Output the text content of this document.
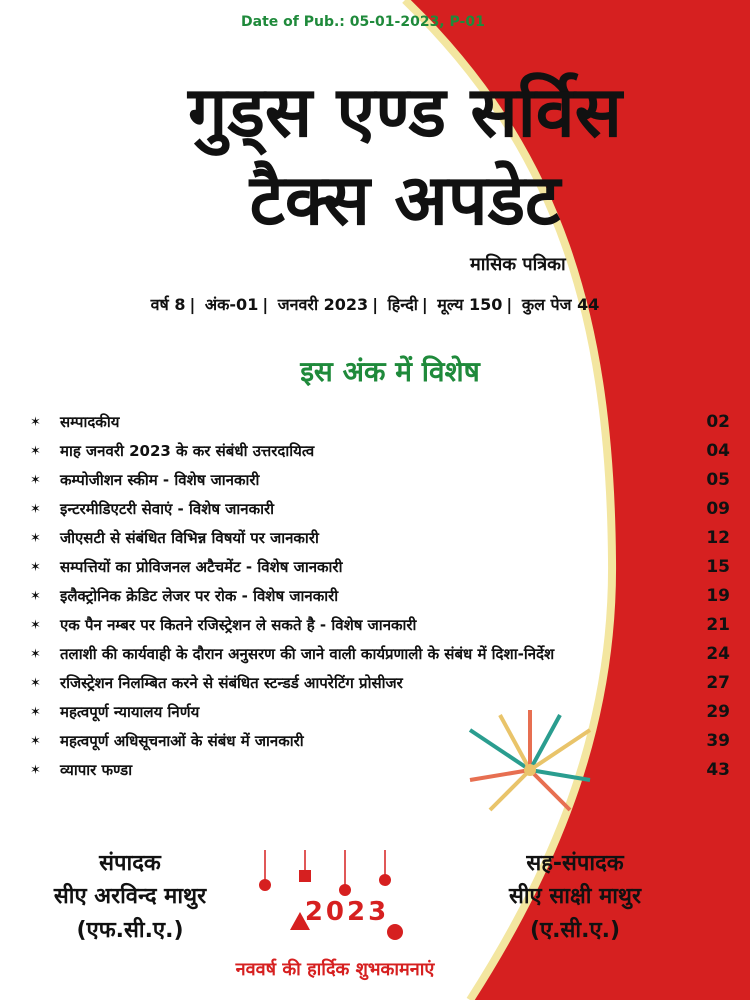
Date of Pub.: 05-01-2023, P-01
गुड्स एण्ड सर्विस
टैक्स अपडेट
मासिक पत्रिका
वर्ष 8 | अंक-01 | जनवरी 2023 | हिन्दी | मूल्य 150 | कुल पेज 44
इस अंक में विशेष
✶	सम्पादकीय	02
✶	माह जनवरी 2023 के कर संबंधी उत्तरदायित्व	04
✶	कम्पोजीशन स्कीम - विशेष जानकारी	05
✶	इन्टरमीडिएटरी सेवाएं - विशेष जानकारी	09
✶	जीएसटी से संबंधित विभिन्न विषयों पर जानकारी	12
✶	सम्पत्तियों का प्रोविजनल अटैचमेंट - विशेष जानकारी	15
✶	इलैक्ट्रोनिक क्रेडिट लेजर पर रोक - विशेष जानकारी	19
✶	एक पैन नम्बर पर कितने रजिस्ट्रेशन ले सकते है - विशेष जानकारी	21
✶	तलाशी की कार्यवाही के दौरान अनुसरण की जाने वाली कार्यप्रणाली के संबंध में दिशा-निर्देश	24
✶	रजिस्ट्रेशन निलम्बित करने से संबंधित स्टन्डर्ड आपरेटिंग प्रोसीजर	27
✶	महत्वपूर्ण न्यायालय निर्णय	29
✶	महत्वपूर्ण अधिसूचनाओं के संबंध में जानकारी	39
✶	व्यापार फण्डा	43
संपादक
सीए अरविन्द माथुर
(एफ.सी.ए.)
सह-संपादक
सीए साक्षी माथुर
(ए.सी.ए.)
2023
नववर्ष की हार्दिक शुभकामनाएं
